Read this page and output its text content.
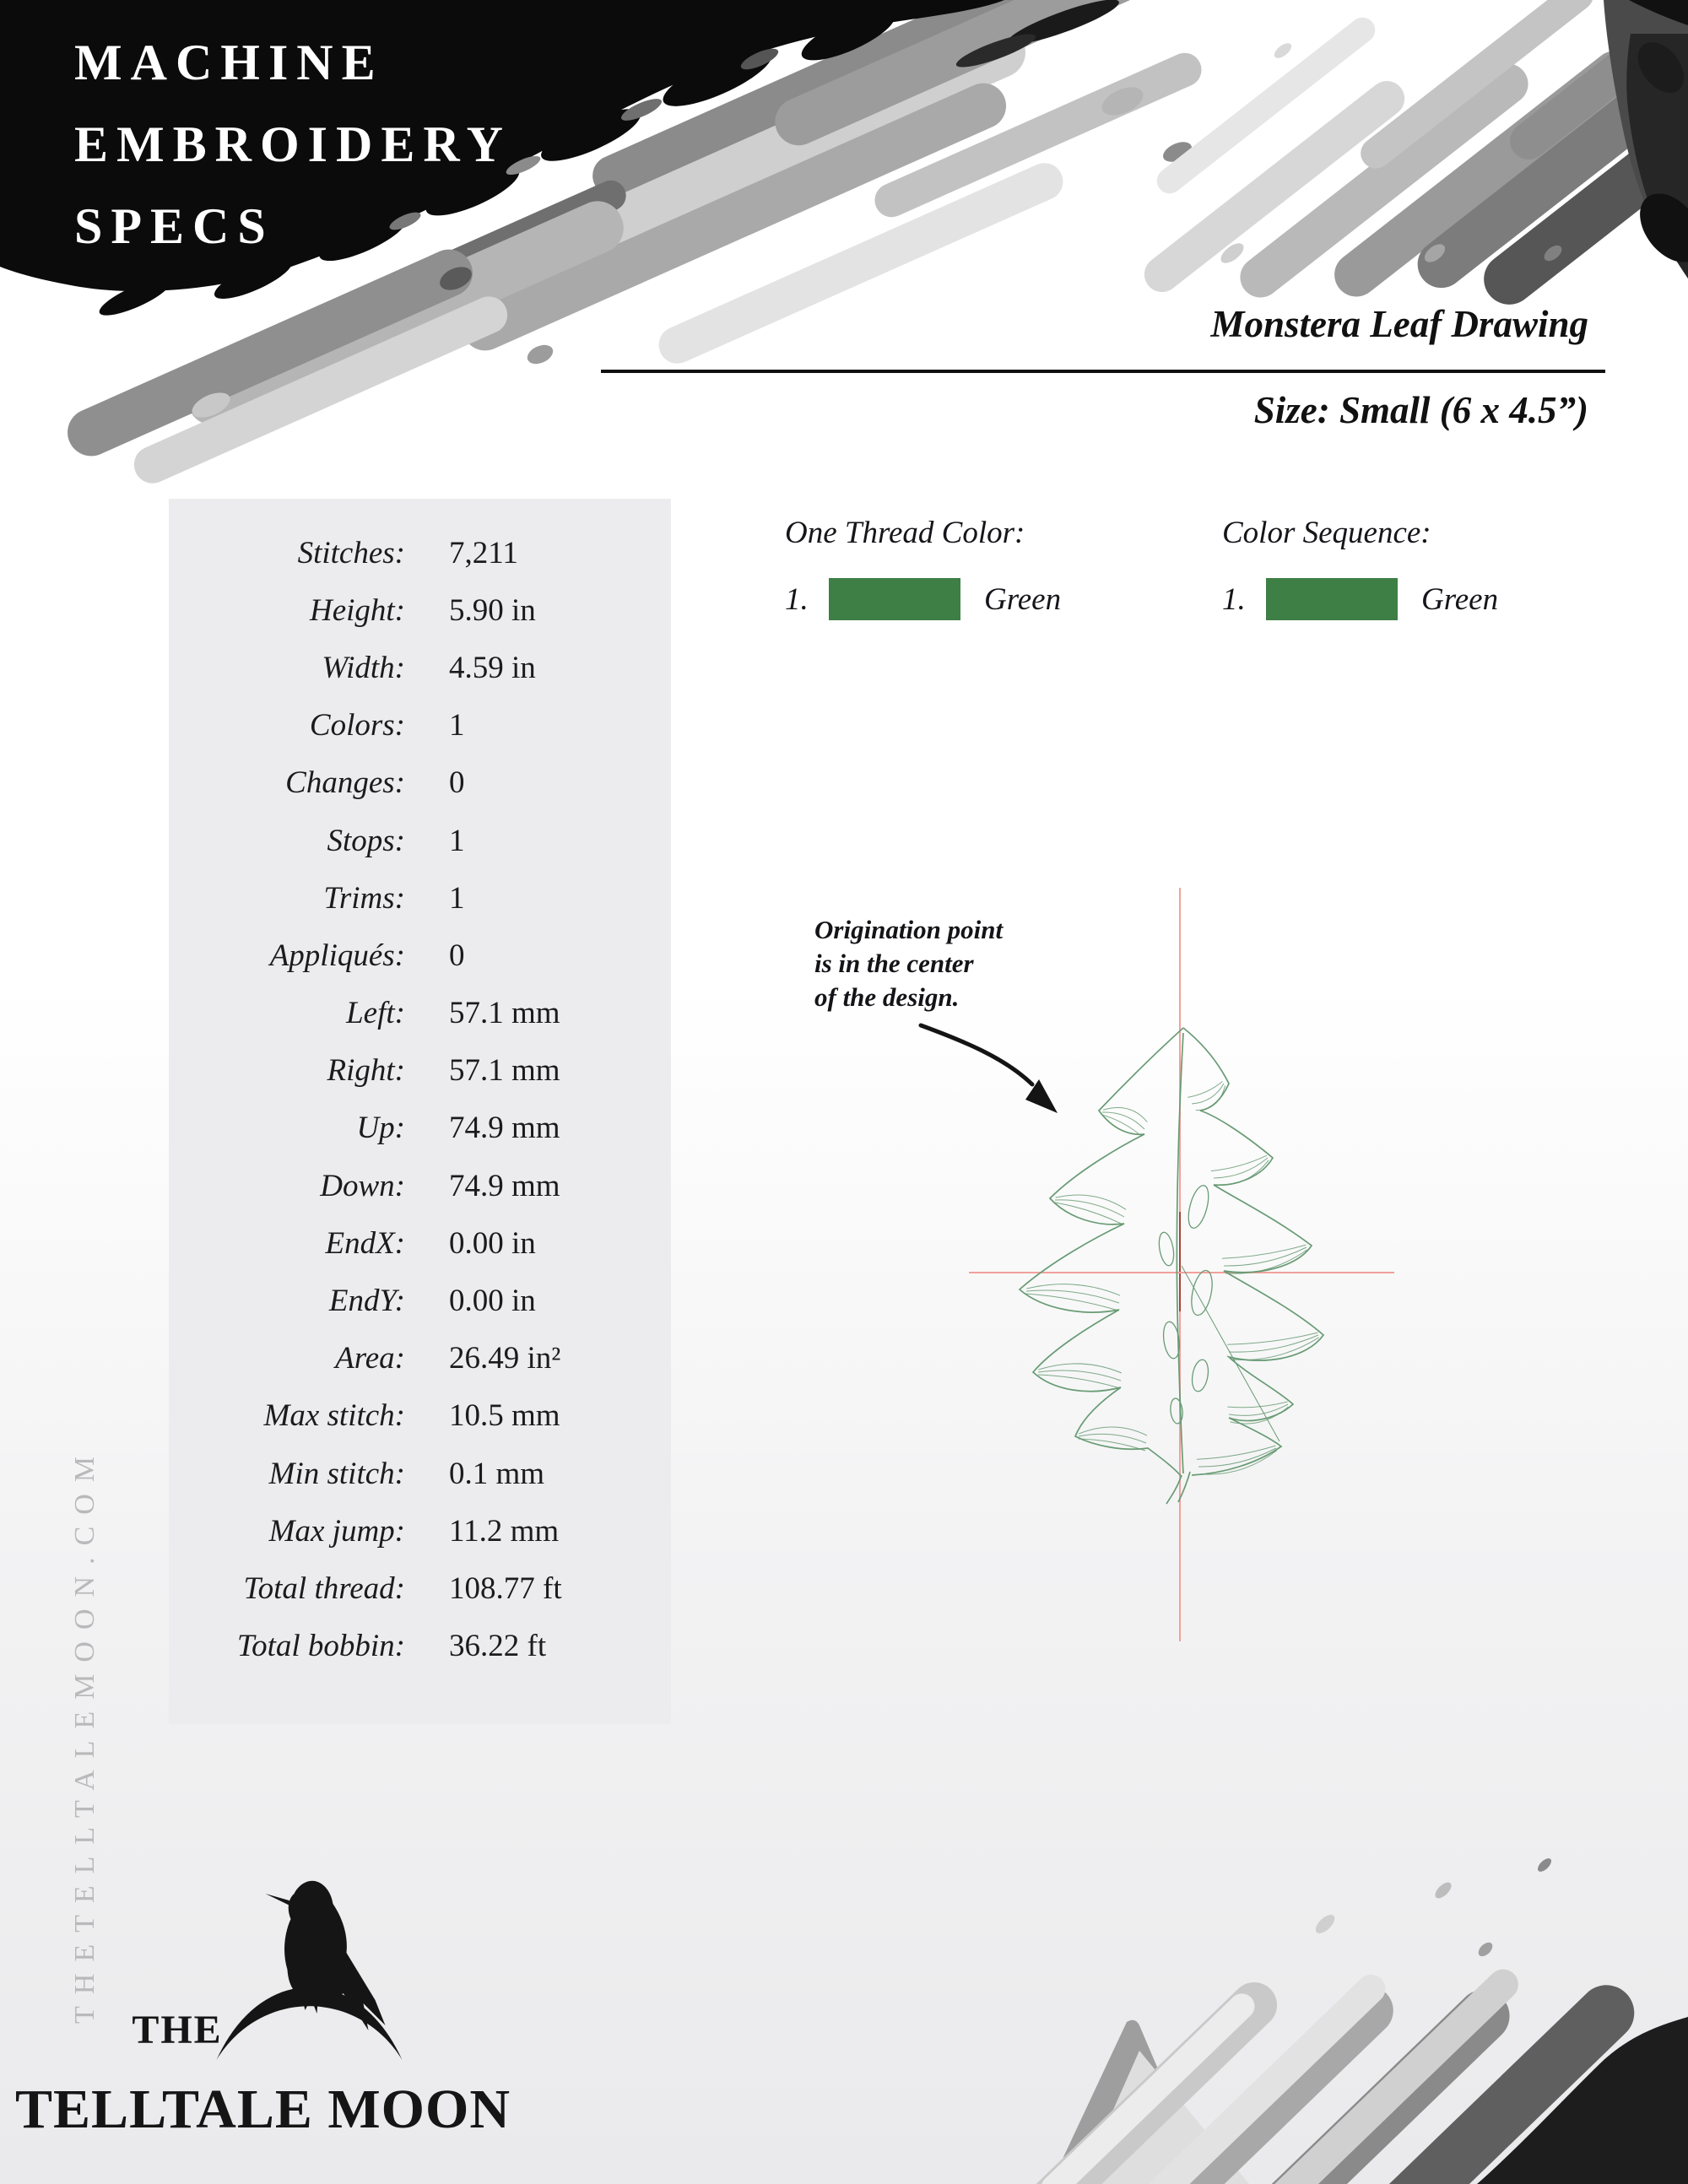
MACHINE
EMBROIDERY
SPECS
Monstera Leaf Drawing
Size: Small (6 x 4.5”)
Stitches: 7,211
Height: 5.90 in
Width: 4.59 in
Colors: 1
Changes: 0
Stops: 1
Trims: 1
Appliqués: 0
Left: 57.1 mm
Right: 57.1 mm
Up: 74.9 mm
Down: 74.9 mm
EndX: 0.00 in
EndY: 0.00 in
Area: 26.49 in²
Max stitch: 10.5 mm
Min stitch: 0.1 mm
Max jump: 11.2 mm
Total thread: 108.77 ft
Total bobbin: 36.22 ft
One Thread Color:
1.	Green
Color Sequence:
1.	Green
Origination point
is in the center
of the design.
THETELLTALEMOON.COM
THE
TELLTALE MOON
